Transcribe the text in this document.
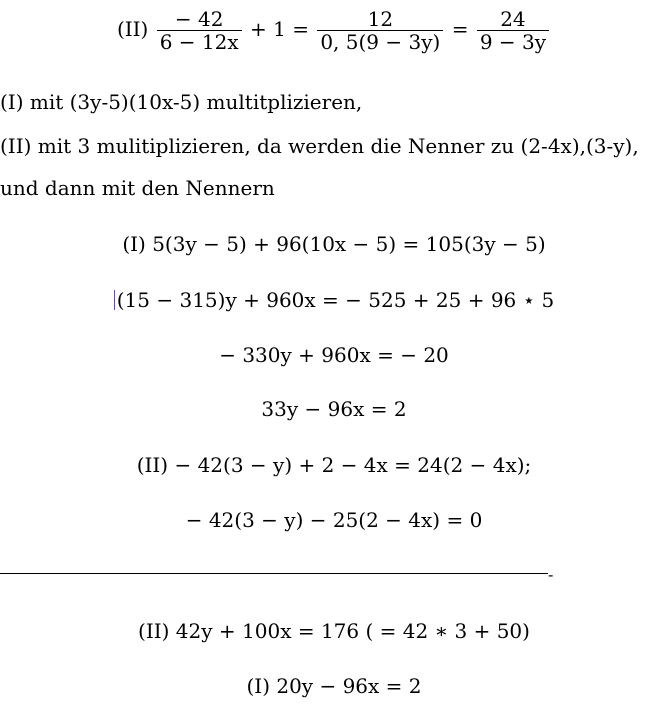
$(II) \frac{- 42}{6 - 12x} + 1 = \frac{12}{0, 5(9 - 3y)} = \frac{24}{9 - 3y}$
(I) mit (3y-5)(10x-5) multitplizieren,
(II) mit 3 mulitiplizieren, da werden die Nenner zu (2-4x),(3-y),
und dann mit den Nennern
(I) 5(3y − 5) + 96(10x − 5) = 105(3y − 5)
(15 − 315)y + 960x = − 525 + 25 + 96 ⋆ 5
− 330y + 960x = − 20
33y − 96x = 2
(II) − 42(3 − y) + 2 − 4x = 24(2 − 4x);
− 42(3 − y) − 25(2 − 4x) = 0
-
(II) 42y + 100x = 176 ( = 42 ∗ 3 + 50)
(I) 20y − 96x = 2
